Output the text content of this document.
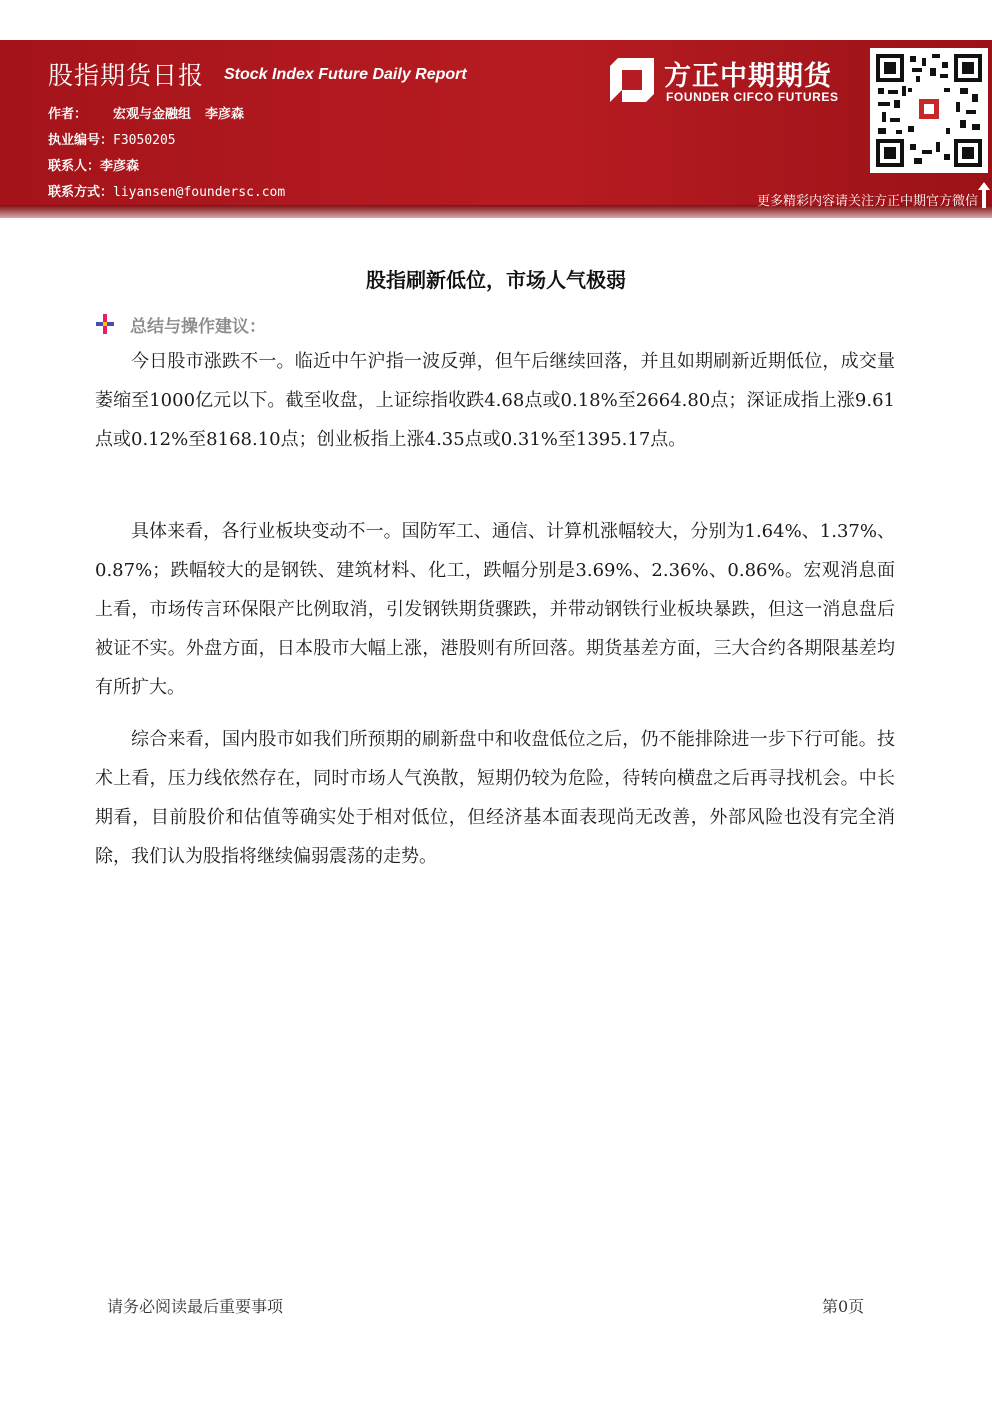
股指期货日报 Stock Index Future Daily Report
作者： 宏观与金融组 李彦森
执业编号：F3050205
联系人：李彦森
联系方式：liyansen@foundersc.com
方正中期期货
FOUNDER CIFCO FUTURES
更多精彩内容请关注方正中期官方微信
股指刷新低位，市场人气极弱
总结与操作建议：

今日股市涨跌不一。临近中午沪指一波反弹，但午后继续回落，并且如期刷新近期低位，成交量萎缩至1000亿元以下。截至收盘，上证综指收跌4.68点或0.18%至2664.80点；深证成指上涨9.61点或0.12%至8168.10点；创业板指上涨4.35点或0.31%至1395.17点。

具体来看，各行业板块变动不一。国防军工、通信、计算机涨幅较大，分别为1.64%、1.37%、0.87%；跌幅较大的是钢铁、建筑材料、化工，跌幅分别是3.69%、2.36%、0.86%。宏观消息面上看，市场传言环保限产比例取消，引发钢铁期货骤跌，并带动钢铁行业板块暴跌，但这一消息盘后被证不实。外盘方面，日本股市大幅上涨，港股则有所回落。期货基差方面，三大合约各期限基差均有所扩大。

综合来看，国内股市如我们所预期的刷新盘中和收盘低位之后，仍不能排除进一步下行可能。技术上看，压力线依然存在，同时市场人气涣散，短期仍较为危险，待转向横盘之后再寻找机会。中长期看，目前股价和估值等确实处于相对低位，但经济基本面表现尚无改善，外部风险也没有完全消除，我们认为股指将继续偏弱震荡的走势。

请务必阅读最后重要事项	第0页
